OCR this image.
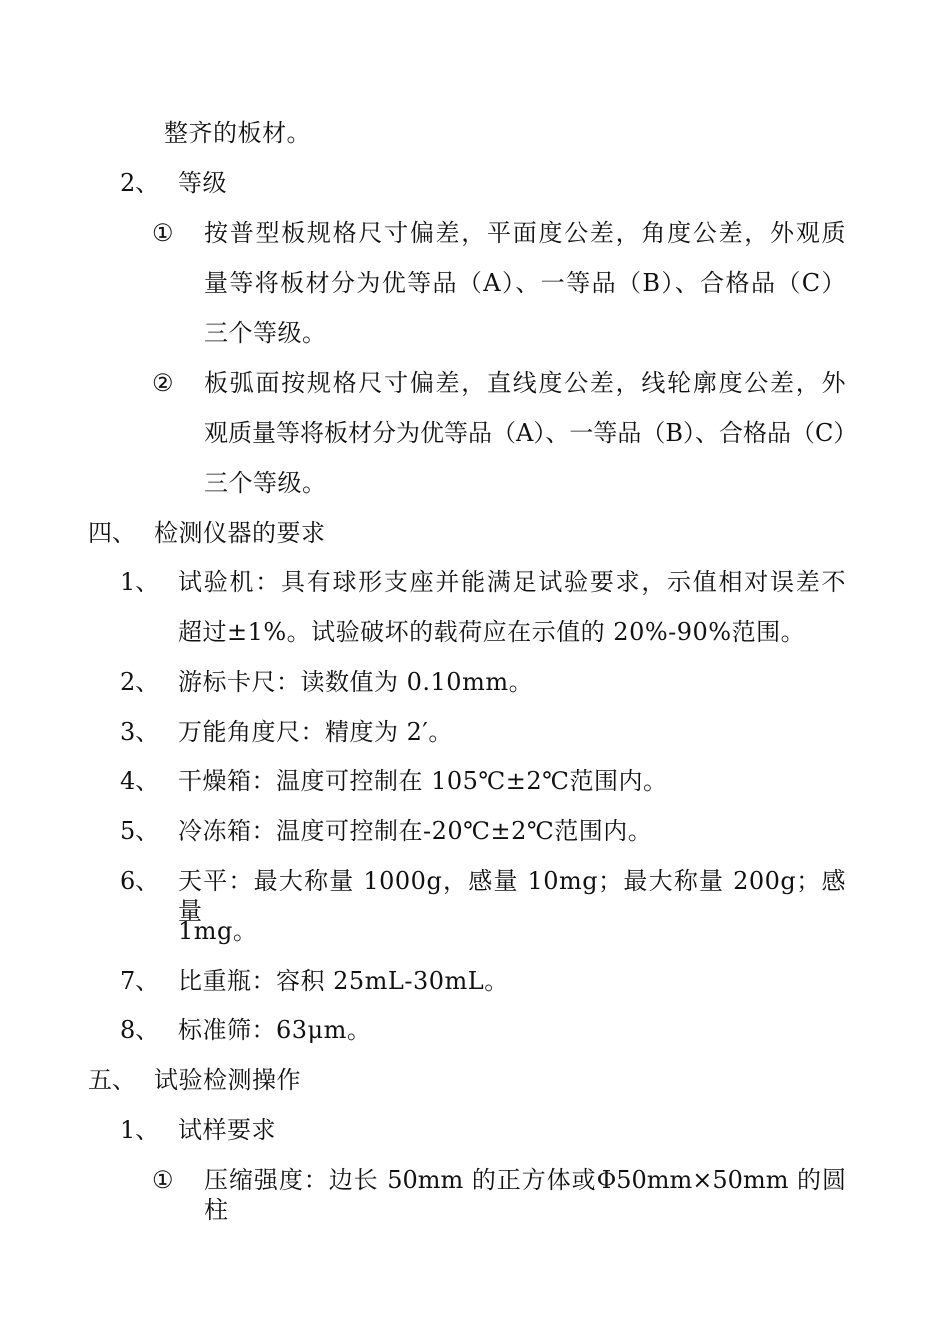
整齐的板材。
2、 等级
① 按普型板规格尺寸偏差，平面度公差，角度公差，外观质
量等将板材分为优等品（A）、一等品（B）、合格品（C）
三个等级。
② 板弧面按规格尺寸偏差，直线度公差，线轮廓度公差，外
观质量等将板材分为优等品（A）、一等品（B）、合格品（C）
三个等级。
四、 检测仪器的要求
1、 试验机：具有球形支座并能满足试验要求，示值相对误差不
超过±1%。试验破坏的载荷应在示值的 20%-90%范围。
2、 游标卡尺：读数值为 0.10mm。
3、 万能角度尺：精度为 2′。
4、 干燥箱：温度可控制在 105℃±2℃范围内。
5、 冷冻箱：温度可控制在-20℃±2℃范围内。
6、 天平：最大称量 1000g，感量 10mg；最大称量 200g；感量
1mg。
7、 比重瓶：容积 25mL-30mL。
8、 标准筛：63μm。
五、 试验检测操作
1、 试样要求
① 压缩强度：边长 50mm 的正方体或Φ50mm×50mm 的圆柱
